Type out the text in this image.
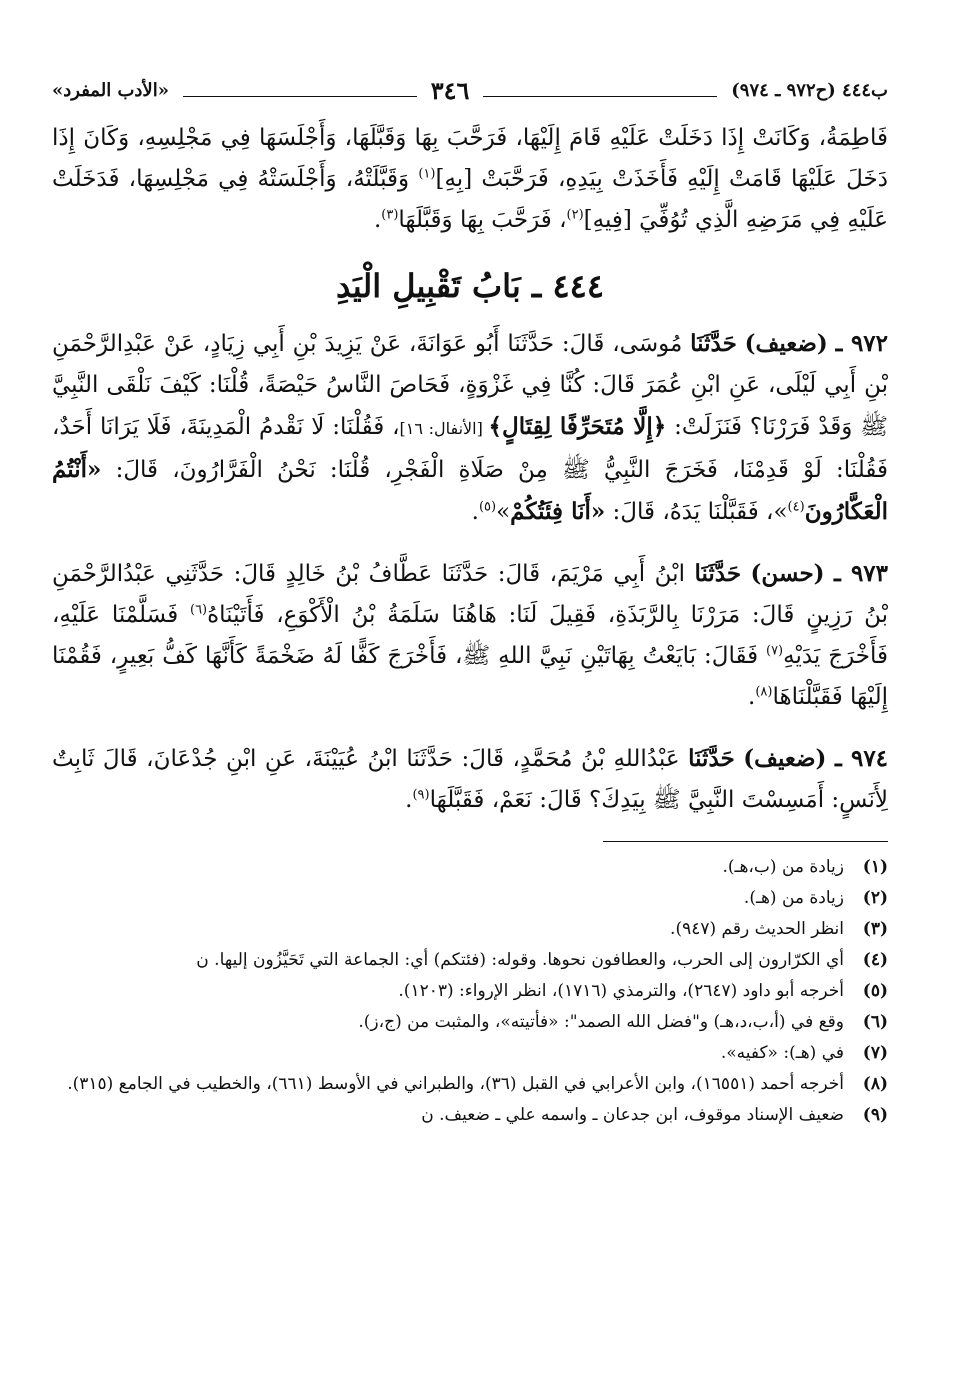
ب٤٤٤ (ح٩٧٢ ـ ٩٧٤)
٣٤٦
«الأدب المفرد»

فَاطِمَةُ، وَكَانَتْ إِذَا دَخَلَتْ عَلَيْهِ قَامَ إِلَيْهَا، فَرَحَّبَ بِهَا وَقَبَّلَهَا، وَأَجْلَسَهَا فِي مَجْلِسِهِ، وَكَانَ إِذَا دَخَلَ عَلَيْهَا قَامَتْ إِلَيْهِ فَأَخَذَتْ بِيَدِهِ، فَرَحَّبَتْ [بِهِ]$^{(١)}$ وَقَبَّلَتْهُ، وَأَجْلَسَتْهُ فِي مَجْلِسِهَا، فَدَخَلَتْ عَلَيْهِ فِي مَرَضِهِ الَّذِي تُوُفِّيَ [فِيهِ]$^{(٢)}$، فَرَحَّبَ بِهَا وَقَبَّلَهَا$^{(٣)}$.

٤٤٤ ـ بَابُ تَقْبِيلِ الْيَدِ

٩٧٢ ـ (ضعيف) حَدَّثَنَا مُوسَى، قَالَ: حَدَّثَنَا أَبُو عَوَانَةَ، عَنْ يَزِيدَ بْنِ أَبِي زِيَادٍ، عَنْ عَبْدِالرَّحْمَنِ بْنِ أَبِي لَيْلَى، عَنِ ابْنِ عُمَرَ قَالَ: كُنَّا فِي غَزْوَةٍ، فَحَاصَ النَّاسُ حَيْصَةً، قُلْنَا: كَيْفَ نَلْقَى النَّبِيَّ ﷺ وَقَدْ فَرَرْنَا؟ فَنَزَلَتْ: ﴿إِلَّا مُتَحَرِّفًا لِقِتَالٍ﴾ [الأنفال: ١٦]، فَقُلْنَا: لَا نَقْدمُ الْمَدِينَةَ، فَلَا يَرَانَا أَحَدٌ، فَقُلْنَا: لَوْ قَدِمْنَا، فَخَرَجَ النَّبِيُّ ﷺ مِنْ صَلَاةِ الْفَجْرِ، قُلْنَا: نَحْنُ الْفَرَّارُونَ، قَالَ: «أَنْتُمُ الْعَكَّارُونَ$^{(٤)}$»، فَقَبَّلْنَا يَدَهُ، قَالَ: «أَنَا فِئَتُكُمْ»$^{(٥)}$.

٩٧٣ ـ (حسن) حَدَّثَنَا ابْنُ أَبِي مَرْيَمَ، قَالَ: حَدَّثَنَا عَطَّافُ بْنُ خَالِدٍ قَالَ: حَدَّثَنِي عَبْدُالرَّحْمَنِ بْنُ رَزِينٍ قَالَ: مَرَرْنَا بِالرَّبَذَةِ، فَقِيلَ لَنَا: هَاهُنَا سَلَمَةُ بْنُ الْأَكْوَعِ، فَأَتَيْنَاهُ$^{(٦)}$ فَسَلَّمْنَا عَلَيْهِ، فَأَخْرَجَ يَدَيْهِ$^{(٧)}$ فَقَالَ: بَايَعْتُ بِهَاتَيْنِ نَبِيَّ اللهِ ﷺ، فَأَخْرَجَ كَفًّا لَهُ ضَخْمَةً كَأَنَّهَا كَفُّ بَعِيرٍ، فَقُمْنَا إِلَيْهَا فَقَبَّلْنَاهَا$^{(٨)}$.

٩٧٤ ـ (ضعيف) حَدَّثَنَا عَبْدُاللهِ بْنُ مُحَمَّدٍ، قَالَ: حَدَّثَنَا ابْنُ عُيَيْنَةَ، عَنِ ابْنِ جُدْعَانَ، قَالَ ثَابِتٌ لِأَنَسٍ: أَمَسِسْتَ النَّبِيَّ ﷺ بِيَدِكَ؟ قَالَ: نَعَمْ، فَقَبَّلَهَا$^{(٩)}$.

(١)
زيادة من (ب،هـ).
(٢)
زيادة من (هـ).
(٣)
انظر الحديث رقم (٩٤٧).
(٤)
أي الكرّارون إلى الحرب، والعطافون نحوها. وقوله: (فئتكم) أي: الجماعة التي تَحَيَّزُون إليها. ن
(٥)
أخرجه أبو داود (٢٦٤٧)، والترمذي (١٧١٦)، انظر الإرواء: (١٢٠٣).
(٦)
وقع في (أ،ب،د،هـ) و"فضل الله الصمد": «فأتيته»، والمثبت من (ج،ز).
(٧)
في (هـ): «كفيه».
(٨)
أخرجه أحمد (١٦٥٥١)، وابن الأعرابي في القبل (٣٦)، والطبراني في الأوسط (٦٦١)، والخطيب في الجامع (٣١٥).
(٩)
ضعيف الإسناد موقوف، ابن جدعان ـ واسمه علي ـ ضعيف. ن
